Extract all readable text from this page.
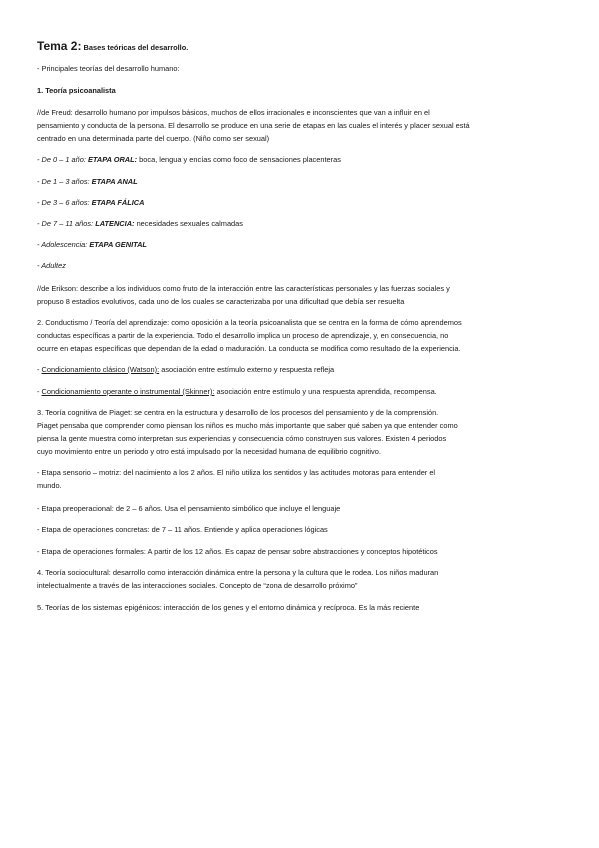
Tema 2: Bases teóricas del desarrollo.
- Principales teorías del desarrollo humano:
1. Teoría psicoanalista
//de Freud: desarrollo humano por impulsos básicos, muchos de ellos irracionales e inconscientes que van a influir en el
pensamiento y conducta de la persona. El desarrollo se produce en una serie de etapas en las cuales el interés y placer sexual está
centrado en una determinada parte del cuerpo. (Niño como ser sexual)
- De 0 – 1 año: ETAPA ORAL: boca, lengua y encías como foco de sensaciones placenteras
- De 1 – 3 años: ETAPA ANAL
- De 3 – 6 años: ETAPA FÁLICA
- De 7 – 11 años: LATENCIA: necesidades sexuales calmadas
- Adolescencia: ETAPA GENITAL
- Adultez
//de Erikson: describe a los individuos como fruto de la interacción entre las características personales y las fuerzas sociales y
propuso 8 estadios evolutivos, cada uno de los cuales se caracterizaba por una dificultad que debía ser resuelta
2. Conductismo / Teoría del aprendizaje: como oposición a la teoría psicoanalista que se centra en la forma de cómo aprendemos
conductas específicas a partir de la experiencia. Todo el desarrollo implica un proceso de aprendizaje, y, en consecuencia, no
ocurre en etapas específicas que dependan de la edad o maduración. La conducta se modifica como resultado de la experiencia.
- Condicionamiento clásico (Watson): asociación entre estímulo externo y respuesta refleja
- Condicionamiento operante o instrumental (Skinner): asociación entre estímulo y una respuesta aprendida, recompensa.
3. Teoría cognitiva de Piaget: se centra en la estructura y desarrollo de los procesos del pensamiento y de la comprensión.
Piaget pensaba que comprender como piensan los niños es mucho más importante que saber qué saben ya que entender como
piensa la gente muestra como interpretan sus experiencias y consecuencia cómo construyen sus valores. Existen 4 periodos
cuyo movimiento entre un periodo y otro está impulsado por la necesidad humana de equilibrio cognitivo.
- Etapa sensorio – motriz: del nacimiento a los 2 años. El niño utiliza los sentidos y las actitudes motoras para entender el
mundo.
- Etapa preoperacional: de 2 – 6 años. Usa el pensamiento simbólico que incluye el lenguaje
- Etapa de operaciones concretas: de 7 – 11 años. Entiende y aplica operaciones lógicas
- Etapa de operaciones formales: A partir de los 12 años. Es capaz de pensar sobre abstracciones y conceptos hipotéticos
4. Teoría sociocultural: desarrollo como interacción dinámica entre la persona y la cultura que le rodea. Los niños maduran
intelectualmente a través de las interacciones sociales. Concepto de “zona de desarrollo próximo”
5. Teorías de los sistemas epigénicos: interacción de los genes y el entorno dinámica y recíproca. Es la más reciente
